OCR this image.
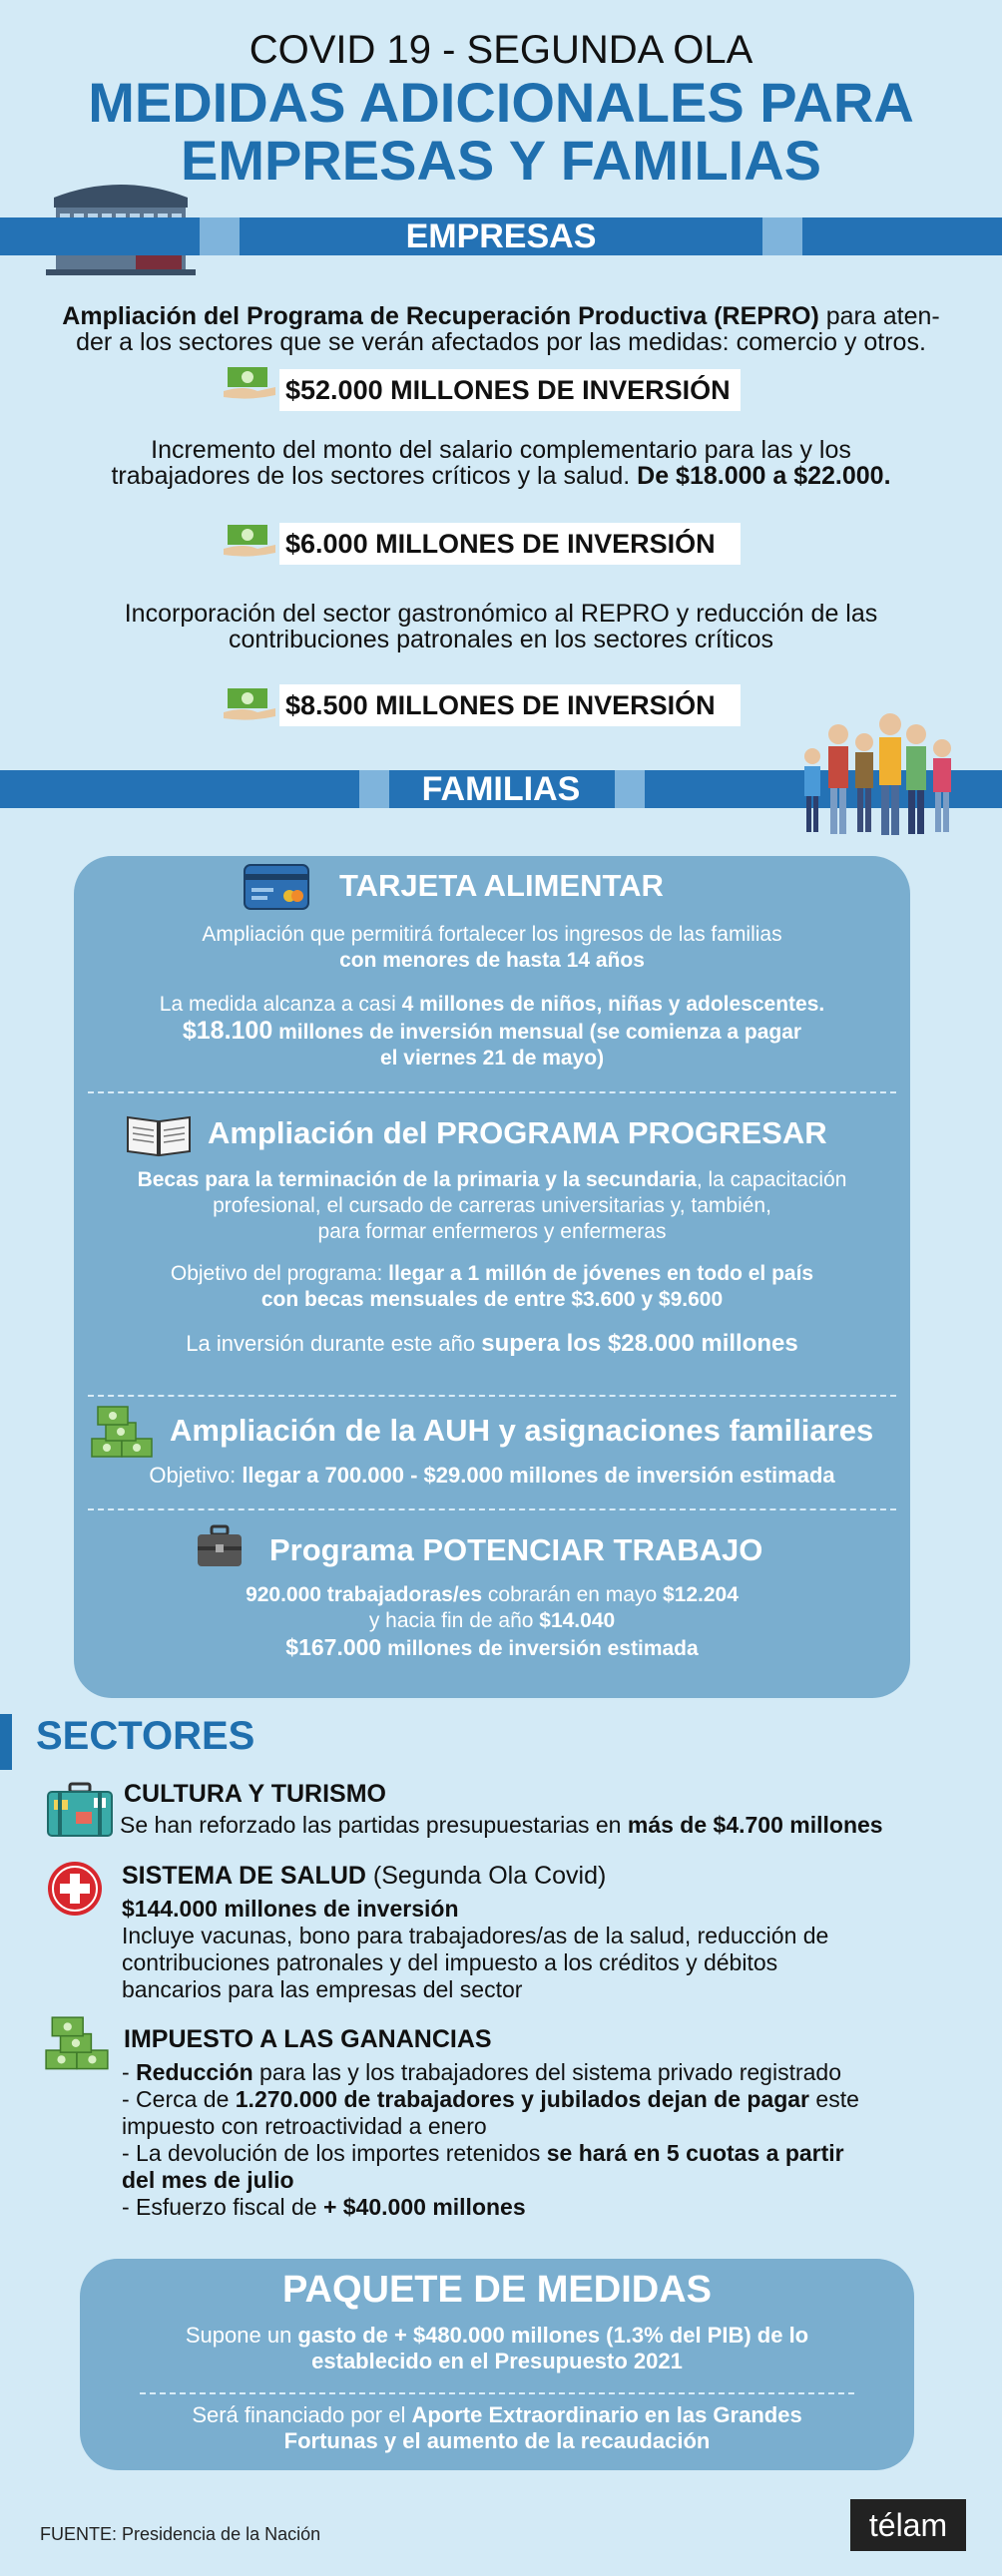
COVID 19 - SEGUNDA OLA
MEDIDAS ADICIONALES PARA
EMPRESAS Y FAMILIAS
EMPRESAS
Ampliación del Programa de Recuperación Productiva (REPRO) para aten-
der a los sectores que se verán afectados por las medidas: comercio y otros.
$52.000 MILLONES DE INVERSIÓN
Incremento del monto del salario complementario para las y los
trabajadores de los sectores críticos y la salud. De $18.000 a $22.000.
$6.000 MILLONES DE INVERSIÓN
Incorporación del sector gastronómico al REPRO y reducción de las
contribuciones patronales en los sectores críticos
$8.500 MILLONES DE INVERSIÓN
FAMILIAS
TARJETA ALIMENTAR
Ampliación que permitirá fortalecer los ingresos de las familias
con menores de hasta 14 años
La medida alcanza a casi 4 millones de niños, niñas y adolescentes.
$18.100 millones de inversión mensual (se comienza a pagar
el viernes 21 de mayo)
Ampliación del PROGRAMA PROGRESAR
Becas para la terminación de la primaria y la secundaria, la capacitación
profesional, el cursado de carreras universitarias y, también,
para formar enfermeros y enfermeras
Objetivo del programa: llegar a 1 millón de jóvenes en todo el país
con becas mensuales de entre $3.600 y $9.600
La inversión durante este año supera los $28.000 millones
Ampliación de la AUH y asignaciones familiares
Objetivo: llegar a 700.000 - $29.000 millones de inversión estimada
Programa POTENCIAR TRABAJO
920.000 trabajadoras/es cobrarán en mayo $12.204
y hacia fin de año $14.040
$167.000 millones de inversión estimada
SECTORES
CULTURA Y TURISMO
Se han reforzado las partidas presupuestarias en más de $4.700 millones
SISTEMA DE SALUD (Segunda Ola Covid)
$144.000 millones de inversión
Incluye vacunas, bono para trabajadores/as de la salud, reducción de
contribuciones patronales y del impuesto a los créditos y débitos
bancarios para las empresas del sector
IMPUESTO A LAS GANANCIAS
- Reducción para las y los trabajadores del sistema privado registrado
- Cerca de 1.270.000 de trabajadores y jubilados dejan de pagar este
impuesto con retroactividad a enero
- La devolución de los importes retenidos se hará en 5 cuotas a partir
del mes de julio
- Esfuerzo fiscal de + $40.000 millones
PAQUETE DE MEDIDAS
Supone un gasto de + $480.000 millones (1.3% del PIB) de lo
establecido en el Presupuesto 2021
Será financiado por el Aporte Extraordinario en las Grandes
Fortunas y el aumento de la recaudación
FUENTE: Presidencia de la Nación	télam
